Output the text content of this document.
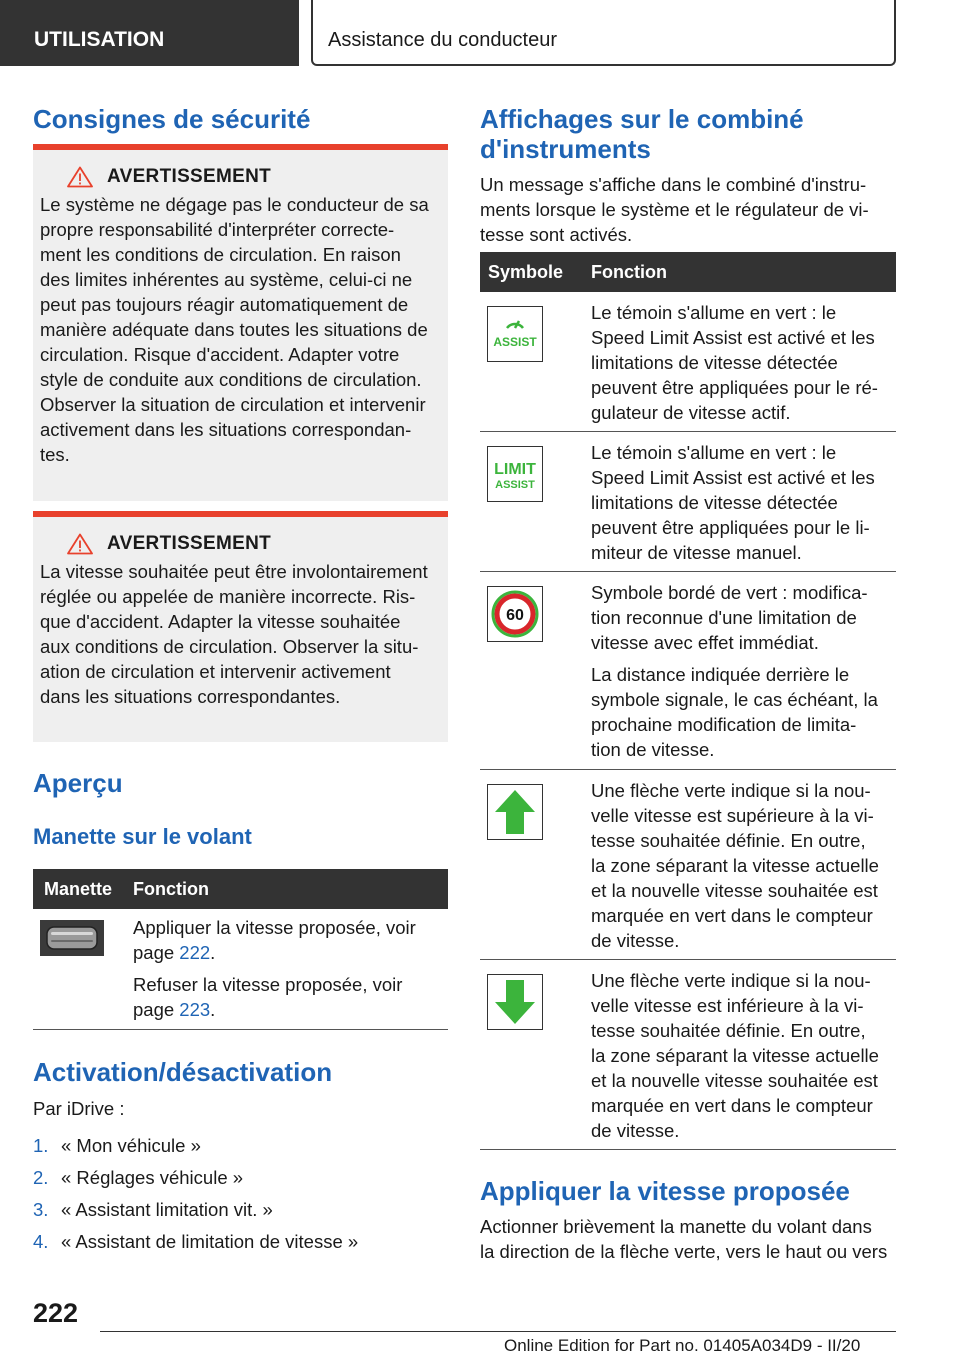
UTILISATION	Assistance du conducteur
Consignes de sécurité
AVERTISSEMENT
Le système ne dégage pas le conducteur de sa
propre responsabilité d'interpréter correcte-
ment les conditions de circulation. En raison
des limites inhérentes au système, celui-ci ne
peut pas toujours réagir automatiquement de
manière adéquate dans toutes les situations de
circulation. Risque d'accident. Adapter votre
style de conduite aux conditions de circulation.
Observer la situation de circulation et intervenir
activement dans les situations correspondan-
tes.
AVERTISSEMENT
La vitesse souhaitée peut être involontairement
réglée ou appelée de manière incorrecte. Ris-
que d'accident. Adapter la vitesse souhaitée
aux conditions de circulation. Observer la situ-
ation de circulation et intervenir activement
dans les situations correspondantes.
Aperçu
Manette sur le volant
Manette Fonction
Appliquer la vitesse proposée, voir
page 222.
Refuser la vitesse proposée, voir
page 223.
Activation/désactivation
Par iDrive :
1. « Mon véhicule »
2. « Réglages véhicule »
3. « Assistant limitation vit. »
4. « Assistant de limitation de vitesse »
Affichages sur le combiné
d'instruments
Un message s'affiche dans le combiné d'instru-
ments lorsque le système et le régulateur de vi-
tesse sont activés.
Symbole Fonction
ASSIST
Le témoin s'allume en vert : le
Speed Limit Assist est activé et les
limitations de vitesse détectée
peuvent être appliquées pour le ré-
gulateur de vitesse actif.
LIMIT
ASSIST
Le témoin s'allume en vert : le
Speed Limit Assist est activé et les
limitations de vitesse détectée
peuvent être appliquées pour le li-
miteur de vitesse manuel.
60
Symbole bordé de vert : modifica-
tion reconnue d'une limitation de
vitesse avec effet immédiat.
La distance indiquée derrière le
symbole signale, le cas échéant, la
prochaine modification de limita-
tion de vitesse.
Une flèche verte indique si la nou-
velle vitesse est supérieure à la vi-
tesse souhaitée définie. En outre,
la zone séparant la vitesse actuelle
et la nouvelle vitesse souhaitée est
marquée en vert dans le compteur
de vitesse.
Une flèche verte indique si la nou-
velle vitesse est inférieure à la vi-
tesse souhaitée définie. En outre,
la zone séparant la vitesse actuelle
et la nouvelle vitesse souhaitée est
marquée en vert dans le compteur
de vitesse.
Appliquer la vitesse proposée
Actionner brièvement la manette du volant dans
la direction de la flèche verte, vers le haut ou vers
222
Online Edition for Part no. 01405A034D9 - II/20
